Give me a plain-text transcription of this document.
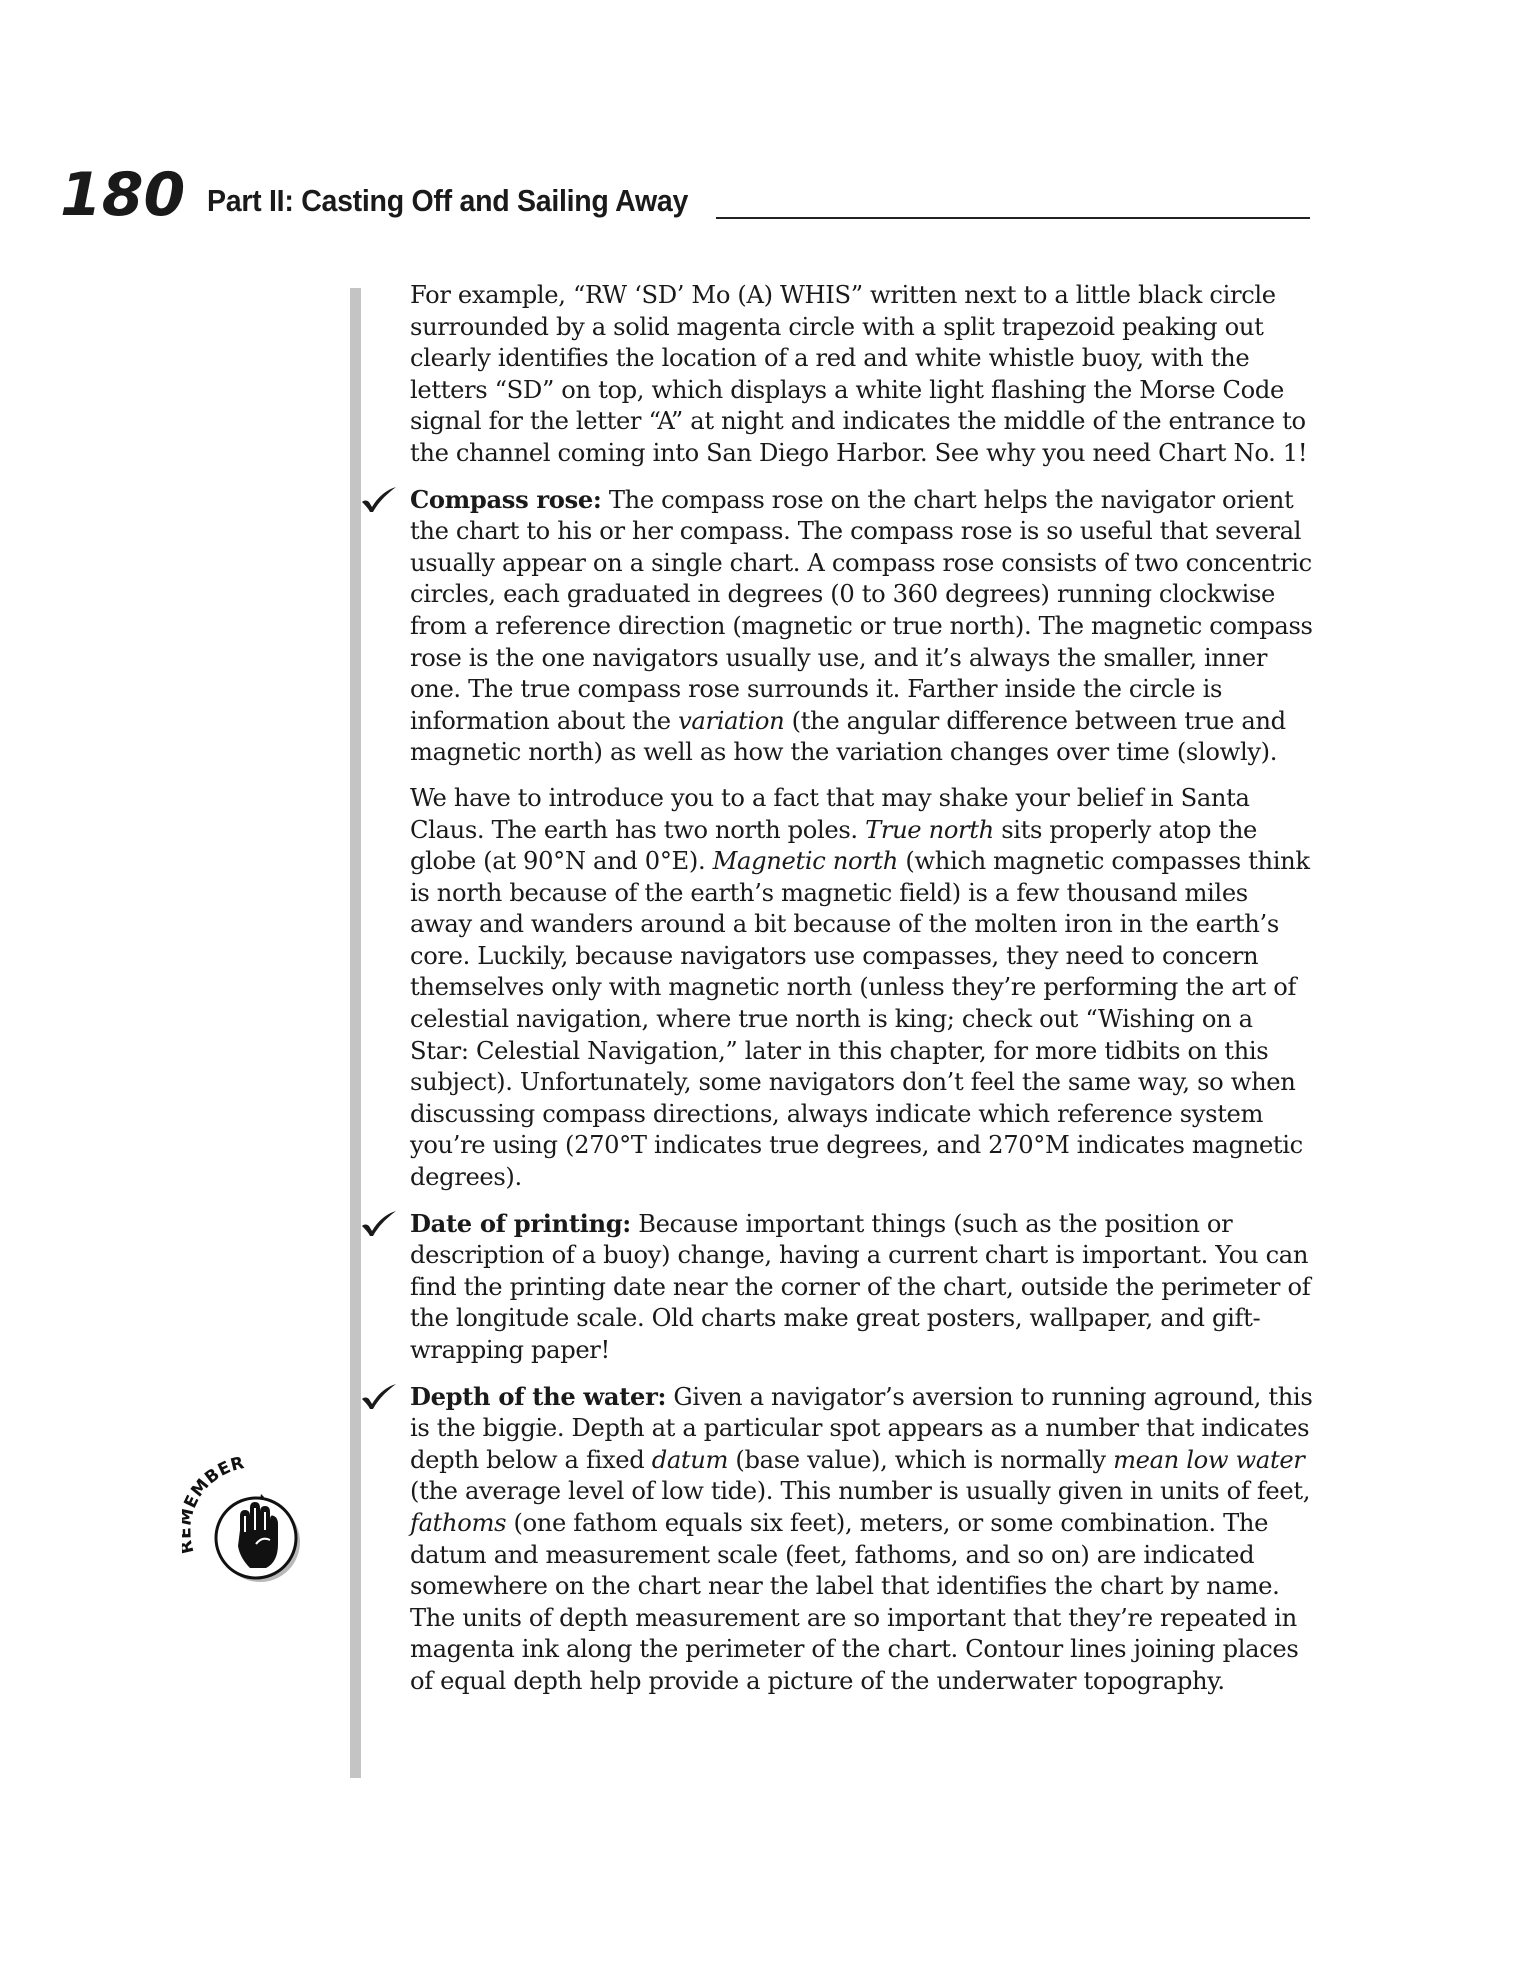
180 Part II: Casting Off and Sailing Away
EMBER

For example, “RW ‘SD’ Mo (A) WHIS” written next to a little black circle surrounded by a solid magenta circle with a split trapezoid peaking out clearly identifies the location of a red and white whistle buoy, with the letters “SD” on top, which displays a white light flashing the Morse Code signal for the letter “A” at night and indicates the middle of the entrance to the channel coming into San Diego Harbor. See why you need Chart No. 1!

Compass rose: The compass rose on the chart helps the navigator orient the chart to his or her compass. The compass rose is so useful that several usually appear on a single chart. A compass rose consists of two concentric circles, each graduated in degrees (0 to 360 degrees) running clockwise from a reference direction (magnetic or true north). The magnetic compass rose is the one navigators usually use, and it’s always the smaller, inner one. The true compass rose surrounds it. Farther inside the circle is information about the variation (the angular difference between true and magnetic north) as well as how the variation changes over time (slowly).

We have to introduce you to a fact that may shake your belief in Santa Claus. The earth has two north poles. True north sits properly atop the globe (at 90°N and 0°E). Magnetic north (which magnetic compasses think is north because of the earth’s magnetic field) is a few thousand miles away and wanders around a bit because of the molten iron in the earth’s core. Luckily, because navigators use compasses, they need to concern themselves only with magnetic north (unless they’re performing the art of celestial navigation, where true north is king; check out “Wishing on a Star: Celestial Navigation,” later in this chapter, for more tidbits on this subject). Unfortunately, some navigators don’t feel the same way, so when discussing compass directions, always indicate which reference system you’re using (270°T indicates true degrees, and 270°M indicates magnetic degrees).

Date of printing: Because important things (such as the position or description of a buoy) change, having a current chart is important. You can find the printing date near the corner of the chart, outside the perimeter of the longitude scale. Old charts make great posters, wallpaper, and gift-wrapping paper!
Depth of the water: Given a navigator’s aversion to running aground, this is the biggie. Depth at a particular spot appears as a number that indicates depth below a fixed datum (base value), which is normally mean low water (the average level of low tide). This number is usually given in units of feet, fathoms (one fathom equals six feet), meters, or some combination. The datum and measurement scale (feet, fathoms, and so on) are indicated somewhere on the chart near the label that identifies the chart by name. The units of depth measurement are so important that they’re repeated in magenta ink along the perimeter of the chart. Contour lines joining places of equal depth help provide a picture of the underwater topography.
